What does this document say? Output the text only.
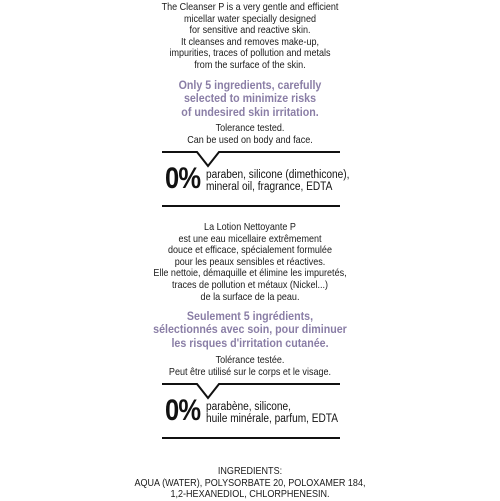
The Cleanser P is a very gentle and efficient
micellar water specially designed
for sensitive and reactive skin.
It cleanses and removes make-up,
impurities, traces of pollution and metals
from the surface of the skin.
Only 5 ingredients, carefully
selected to minimize risks
of undesired skin irritation.
Tolerance tested.
Can be used on body and face.
0% paraben, silicone (dimethicone),
mineral oil, fragrance, EDTA
La Lotion Nettoyante P
est une eau micellaire extrêmement
douce et efficace, spécialement formulée
pour les peaux sensibles et réactives.
Elle nettoie, démaquille et élimine les impuretés,
traces de pollution et métaux (Nickel...)
de la surface de la peau.
Seulement 5 ingrédients,
sélectionnés avec soin, pour diminuer
les risques d'irritation cutanée.
Tolérance testée.
Peut être utilisé sur le corps et le visage.
0% parabène, silicone,
huile minérale, parfum, EDTA
INGREDIENTS:
AQUA (WATER), POLYSORBATE 20, POLOXAMER 184,
1,2-HEXANEDIOL, CHLORPHENESIN.
